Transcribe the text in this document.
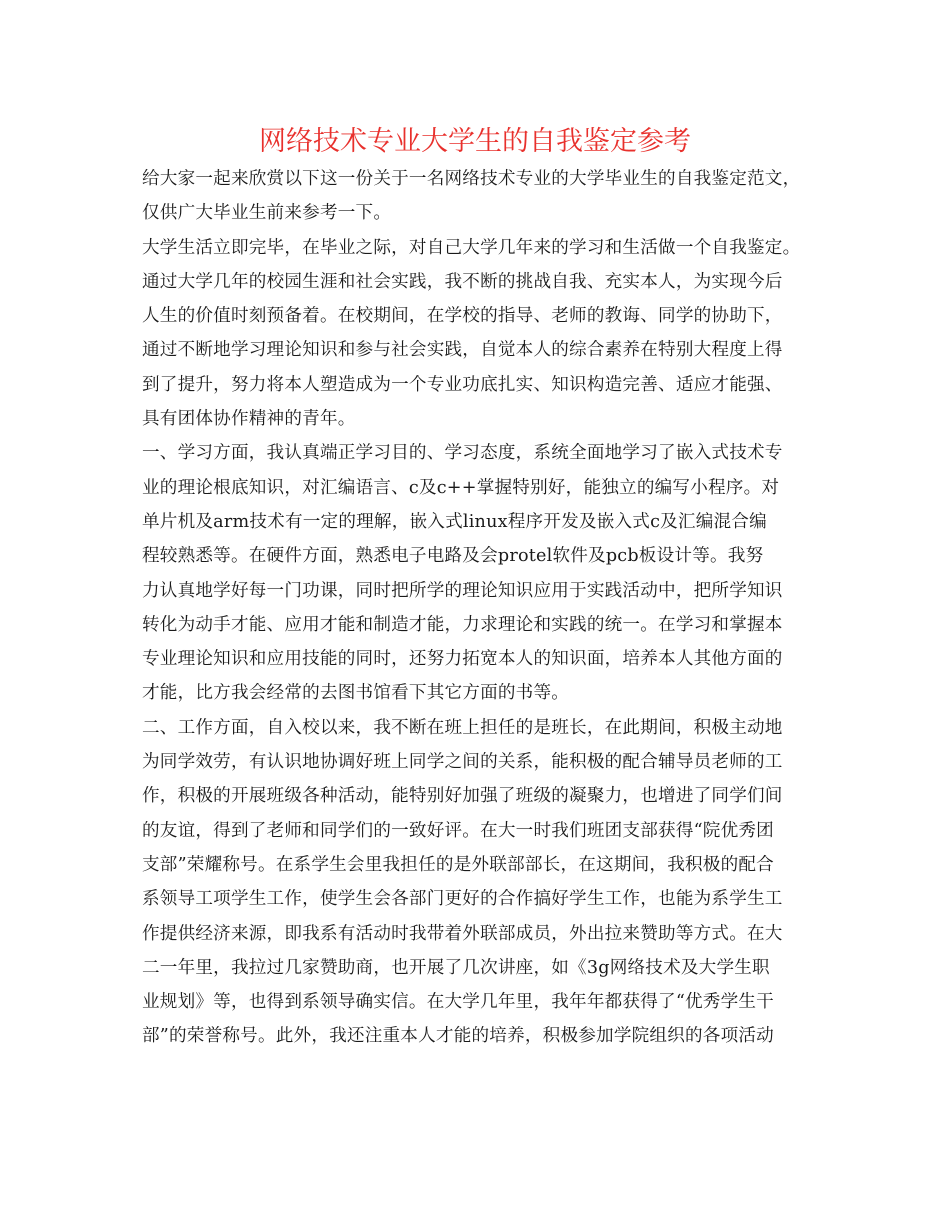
网络技术专业大学生的自我鉴定参考
给大家一起来欣赏以下这一份关于一名网络技术专业的大学毕业生的自我鉴定范文，
仅供广大毕业生前来参考一下。
大学生活立即完毕，在毕业之际，对自己大学几年来的学习和生活做一个自我鉴定。
通过大学几年的校园生涯和社会实践，我不断的挑战自我、充实本人，为实现今后
人生的价值时刻预备着。在校期间，在学校的指导、老师的教诲、同学的协助下，
通过不断地学习理论知识和参与社会实践，自觉本人的综合素养在特别大程度上得
到了提升，努力将本人塑造成为一个专业功底扎实、知识构造完善、适应才能强、
具有团体协作精神的青年。
一、学习方面，我认真端正学习目的、学习态度，系统全面地学习了嵌入式技术专
业的理论根底知识，对汇编语言、c及c++掌握特别好，能独立的编写小程序。对
单片机及arm技术有一定的理解，嵌入式linux程序开发及嵌入式c及汇编混合编
程较熟悉等。在硬件方面，熟悉电子电路及会protel软件及pcb板设计等。我努
力认真地学好每一门功课，同时把所学的理论知识应用于实践活动中，把所学知识
转化为动手才能、应用才能和制造才能，力求理论和实践的统一。在学习和掌握本
专业理论知识和应用技能的同时，还努力拓宽本人的知识面，培养本人其他方面的
才能，比方我会经常的去图书馆看下其它方面的书等。
二、工作方面，自入校以来，我不断在班上担任的是班长，在此期间，积极主动地
为同学效劳，有认识地协调好班上同学之间的关系，能积极的配合辅导员老师的工
作，积极的开展班级各种活动，能特别好加强了班级的凝聚力，也增进了同学们间
的友谊，得到了老师和同学们的一致好评。在大一时我们班团支部获得“院优秀团
支部”荣耀称号。在系学生会里我担任的是外联部部长，在这期间，我积极的配合
系领导工项学生工作，使学生会各部门更好的合作搞好学生工作，也能为系学生工
作提供经济来源，即我系有活动时我带着外联部成员，外出拉来赞助等方式。在大
二一年里，我拉过几家赞助商，也开展了几次讲座，如《3g网络技术及大学生职
业规划》等，也得到系领导确实信。在大学几年里，我年年都获得了“优秀学生干
部”的荣誉称号。此外，我还注重本人才能的培养，积极参加学院组织的各项活动
